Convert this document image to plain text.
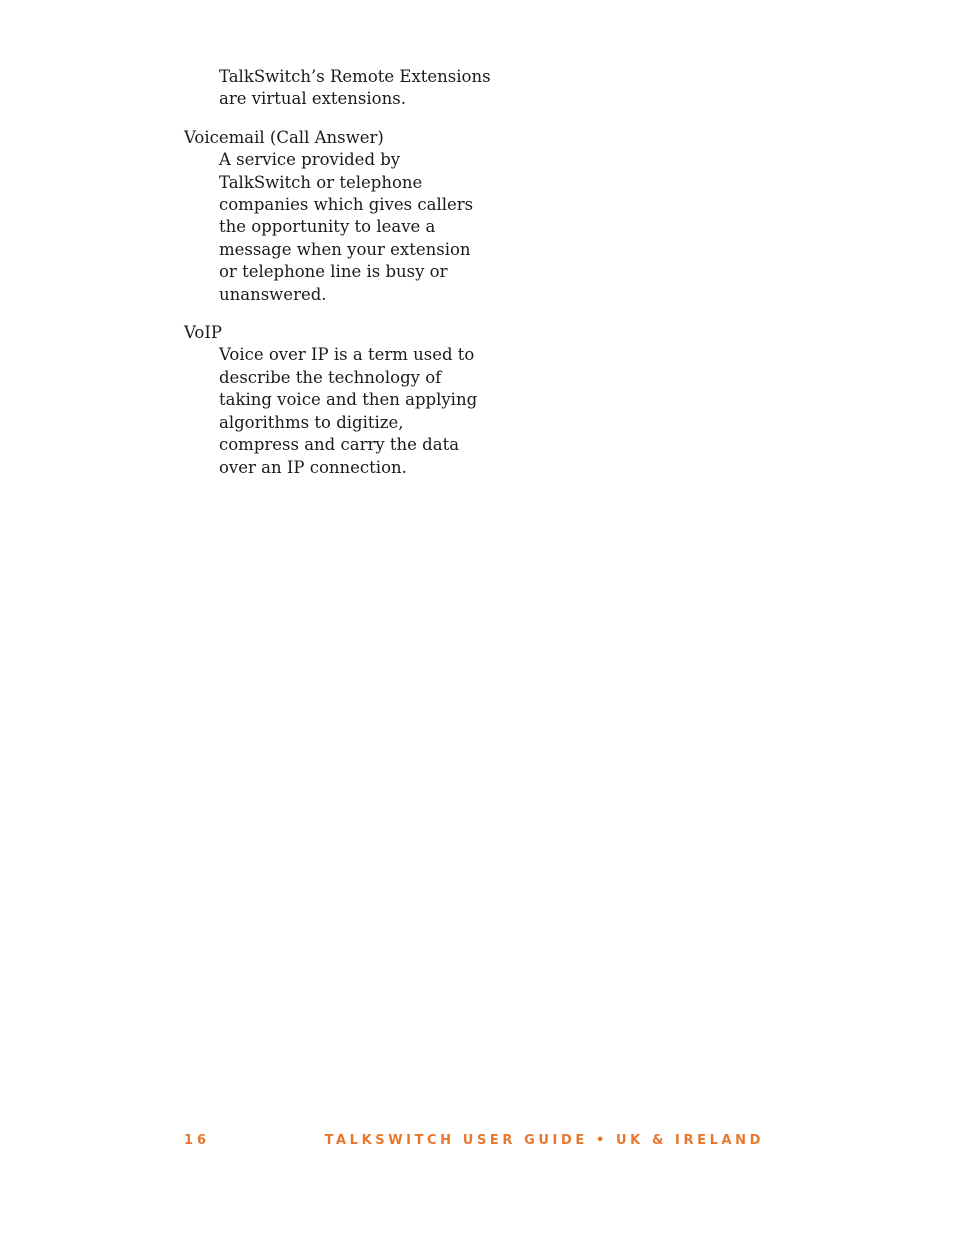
TalkSwitch’s Remote Extensions
are virtual extensions.
Voicemail (Call Answer)
A service provided by
TalkSwitch or telephone
companies which gives callers
the opportunity to leave a
message when your extension
or telephone line is busy or
unanswered.
VoIP
Voice over IP is a term used to
describe the technology of
taking voice and then applying
algorithms to digitize,
compress and carry the data
over an IP connection.
16	TALKSWITCH USER GUIDE • UK & IRELAND
